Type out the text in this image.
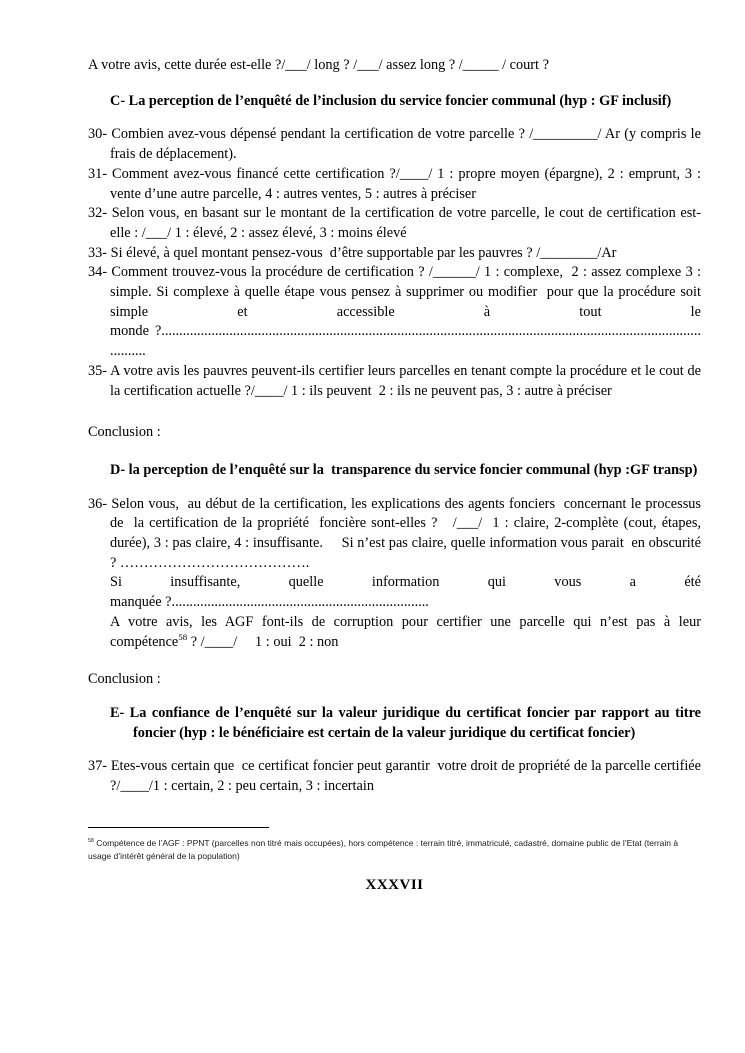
A votre avis, cette durée est-elle ?/___/ long ? /___/ assez long ? /_____ / court ?

C- La perception de l’enquêté de l’inclusion du service foncier communal (hyp : GF inclusif)

30- Combien avez-vous dépensé pendant la certification de votre parcelle ? /_________/ Ar (y compris le frais de déplacement).

31- Comment avez-vous financé cette certification ?/____/ 1 : propre moyen (épargne), 2 : emprunt, 3 : vente d’une autre parcelle, 4 : autres ventes, 5 : autres à préciser

32- Selon vous, en basant sur le montant de la certification de votre parcelle, le cout de certification est-elle : /___/ 1 : élevé, 2 : assez élevé, 3 : moins élevé

33- Si élevé, à quel montant pensez-vous  d’être supportable par les pauvres ? /________/Ar

34- Comment trouvez-vous la procédure de certification ? /______/ 1 : complexe,  2 : assez complexe 3 : simple. Si complexe à quelle étape vous pensez à supprimer ou modifier  pour que la procédure soit simple et accessible à tout le monde ?.................................................................................................................................................................

35- A votre avis les pauvres peuvent-ils certifier leurs parcelles en tenant compte la procédure et le cout de la certification actuelle ?/____/ 1 : ils peuvent  2 : ils ne peuvent pas, 3 : autre à préciser

Conclusion :

D- la perception de l’enquêté sur la  transparence du service foncier communal (hyp :GF transp)

36- Selon vous,  au début de la certification, les explications des agents fonciers  concernant le processus de  la certification de la propriété  foncière sont-elles ?   /___/  1 : claire, 2-complète (cout, étapes, durée), 3 : pas claire, 4 : insuffisante.     Si n’est pas claire, quelle information vous parait  en obscurité ? ………………………………….

Si insuffisante, quelle information qui vous a été manquée ?........................................................................

A votre avis, les AGF font-ils de corruption pour certifier une parcelle qui n’est pas à leur compétence$^{58}$ ? /____/     1 : oui  2 : non

Conclusion :

E- La confiance de l’enquêté sur la valeur juridique du certificat foncier par rapport au titre foncier (hyp : le bénéficiaire est certain de la valeur juridique du certificat foncier)

37- Etes-vous certain que  ce certificat foncier peut garantir  votre droit de propriété de la parcelle certifiée ?/____/1 : certain, 2 : peu certain, 3 : incertain

$^{58}$ Compétence de l’AGF : PPNT (parcelles non titré mais occupées), hors compétence : terrain titré, immatriculé, cadastré, domaine public de l’Etat (terrain à  usage d’intérêt général de la population)

XXXVII
